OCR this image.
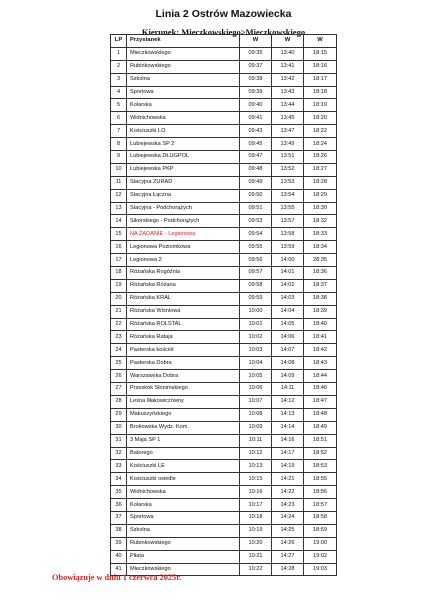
Linia 2 Ostrów Mazowiecka
Kierunek: Mieczkowskiego>Mieczkowskiego
LP	Przystanek	W	W	W
1	Mieczkowskiego	09:35	13:40	18:15
2	Rubinkowskiego	09:37	13:41	18:16
3	Szkolna	09:38	13:42	18:17
4	Sportowa	09:39	13:43	18:18
5	Kolarska	09:40	13:44	18:19
6	Widnichowska	09:41	13:45	18:20
7	Kościuszki LO	09:43	13:47	18:22
8	Lubiejewska SP 2	09:45	13:49	18:24
9	Lubiejewska DŁUGPOL	09:47	13:51	18:26
10	Lubiejewska PKP	09:48	13:52	18:27
11	Stacyjna ZURAD	09:49	13:53	18:28
12	Stacyjna Łączna	09:50	13:54	18:29
13	Stacyjna - Podchorążych	09:51	13:55	18:30
14	Sikorskiego - Podchorążych	09:53	13:57	18:32
15	NA ŻĄDANIE - Legionowa	09:54	13:58	18:33
16	Legionowa Poziomkowa	09:55	13:59	18:34
17	Legionowa 2	09:56	14:00	28:35
18	Różańska Rogóźnia	09:57	14:01	18:36
19	Różańska Różana	09:58	14:02	18:37
20	Różańska KRAL	09:59	14:03	18:38
21	Różańska Wiśniowa	10:00	14:04	18:39
22	Różańska ROLSTAL	10:01	14:05	18:40
23	Różańska Rataja	10:02	14:06	18:41
24	Pasterska kościół	10:03	14:07	18:42
25	Pasterska Dobra	10:04	14:08	18:43
26	Warszawska Dobra	10:05	14:09	18:44
27	Przeskok Słonimskiego	10:06	14:11	18:46
28	Leśna Iłłakowiczówny	10:07	14:12	18:47
29	Makuszyńskiego	10:08	14:13	18:48
30	Brokowska Wydz. Kom.	10:09	14:14	18:49
31	3 Maja SP 1	10:11	14:16	18:51
32	Batorego	10:12	14:17	18:52
33	Kościuszki LE	10:13	14:19	18:53
34	Kościuszki osiedle	10:15	14:21	18:55
35	Widnichowska	10:16	14:22	18:56
36	Kolarska	10:17	14:23	18:57
37	Sportowa	10:18	14:24	18:58
38	Szkolna	10:19	14:25	18:59
39	Rubinkowskiego	10:20	14:26	19:00
40	Piłata	10:21	14:27	19:02
41	Mieczkowskiego	10:22	14:28	19:03
Obowiązuje w dniu 1 czerwca 2025r.
